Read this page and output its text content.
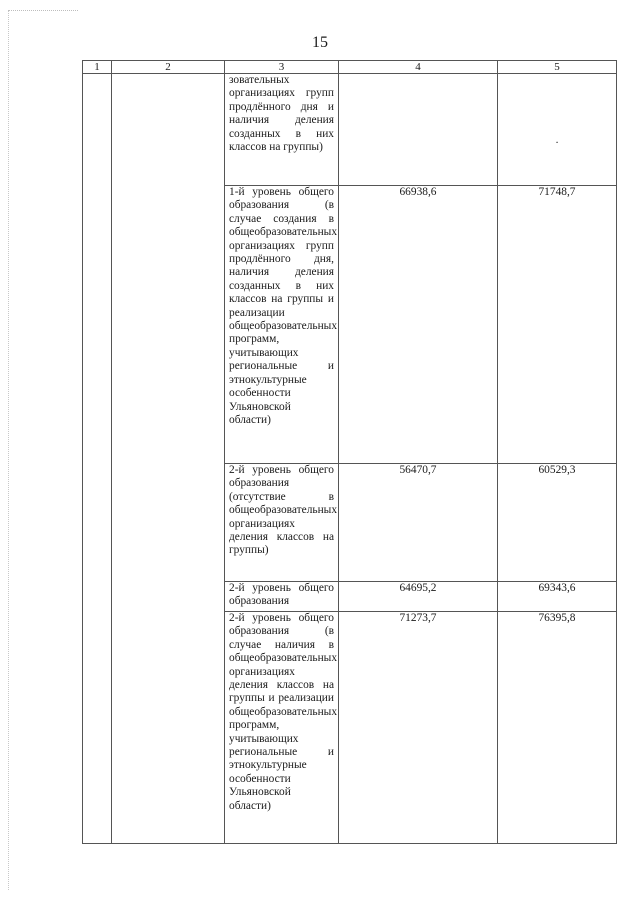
15
1	2	3	4	5
		зовательных организациях групп продлённого дня и наличия деления созданных в них классов на группы)		.
		1-й уровень общего образования (в случае создания в общеобразовательных организациях групп продлённого дня, наличия деления созданных в них классов на группы и реализации общеобразовательных программ, учитывающих региональные и этнокультурные особенности Ульяновской области)	66938,6	71748,7
		2-й уровень общего образования (отсутствие в общеобразовательных организациях деления классов на группы)	56470,7	60529,3
		2-й уровень общего образования	64695,2	69343,6
		2-й уровень общего образования (в случае наличия в общеобразовательных организациях деления классов на группы и реализации общеобразовательных программ, учитывающих региональные и этнокультурные особенности Ульяновской области)	71273,7	76395,8
